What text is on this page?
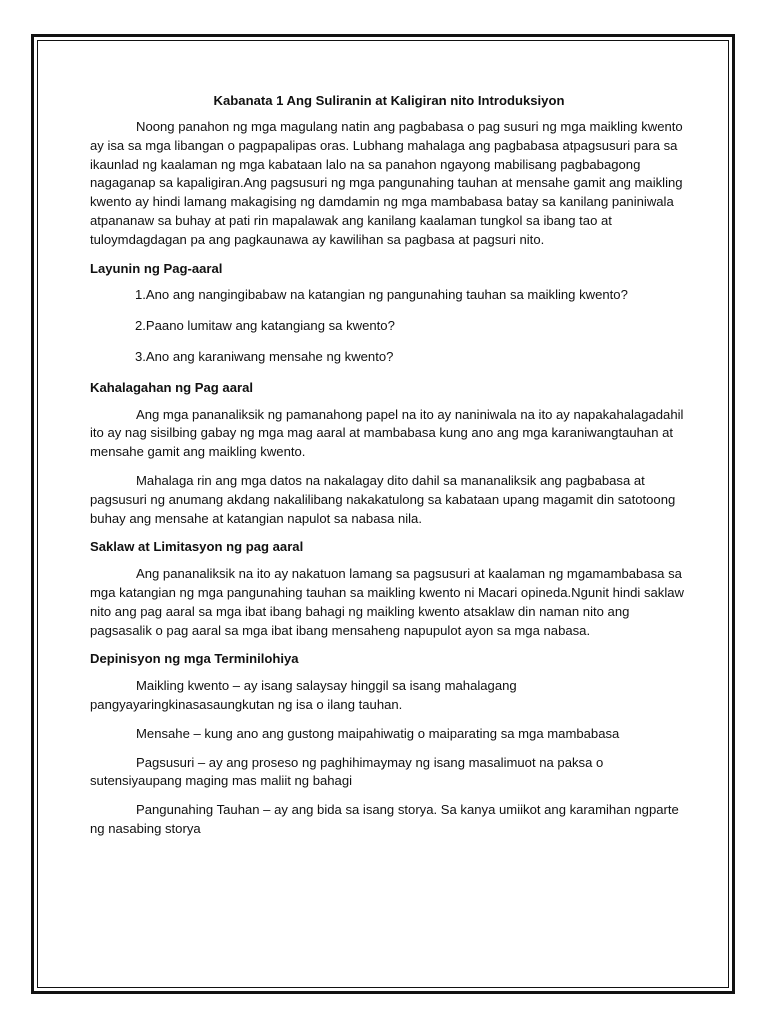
Kabanata 1 Ang Suliranin at Kaligiran nito Introduksiyon

Noong panahon ng mga magulang natin ang pagbabasa o pag susuri ng mga maikling kwento ay isa sa mga libangan o pagpapalipas oras. Lubhang mahalaga ang pagbabasa atpagsusuri para sa ikaunlad ng kaalaman ng mga kabataan lalo na sa panahon ngayong mabilisang pagbabagong nagaganap sa kapaligiran.Ang pagsusuri ng mga pangunahing tauhan at mensahe gamit ang maikling kwento ay hindi lamang makagising ng damdamin ng mga mambabasa batay sa kanilang paniniwala atpananaw sa buhay at pati rin mapalawak ang kanilang kaalaman tungkol sa ibang tao at tuloymdagdagan pa ang pagkaunawa ay kawilihan sa pagbasa at pagsuri nito.

Layunin ng Pag-aaral
1.Ano ang nangingibabaw na katangian ng pangunahing tauhan sa maikling kwento?
2.Paano lumitaw ang katangiang sa kwento?
3.Ano ang karaniwang mensahe ng kwento?
Kahalagahan ng Pag aaral

Ang mga pananaliksik ng pamanahong papel na ito ay naniniwala na ito ay napakahalagadahil ito ay nag sisilbing gabay ng mga mag aaral at mambabasa kung ano ang mga karaniwangtauhan at mensahe gamit ang maikling kwento.

Mahalaga rin ang mga datos na nakalagay dito dahil sa mananaliksik ang pagbabasa at pagsusuri ng anumang akdang nakalilibang nakakatulong sa kabataan upang magamit din satotoong buhay ang mensahe at katangian napulot sa nabasa nila.

Saklaw at Limitasyon ng pag aaral

Ang pananaliksik na ito ay nakatuon lamang sa pagsusuri at kaalaman ng mgamambabasa sa mga katangian ng mga pangunahing tauhan sa maikling kwento ni Macari opineda.Ngunit hindi saklaw nito ang pag aaral sa mga ibat ibang bahagi ng maikling kwento atsaklaw din naman nito ang pagsasalik o pag aaral sa mga ibat ibang mensaheng napupulot ayon sa mga nabasa.

Depinisyon ng mga Terminilohiya

Maikling kwento – ay isang salaysay hinggil sa isang mahalagang pangyayaringkinasasaungkutan ng isa o ilang tauhan.

Mensahe – kung ano ang gustong maipahiwatig o maiparating sa mga mambabasa

Pagsusuri – ay ang proseso ng paghihimaymay ng isang masalimuot na paksa o sutensiyaupang maging mas maliit ng bahagi

Pangunahing Tauhan – ay ang bida sa isang storya. Sa kanya umiikot ang karamihan ngparte ng nasabing storya
